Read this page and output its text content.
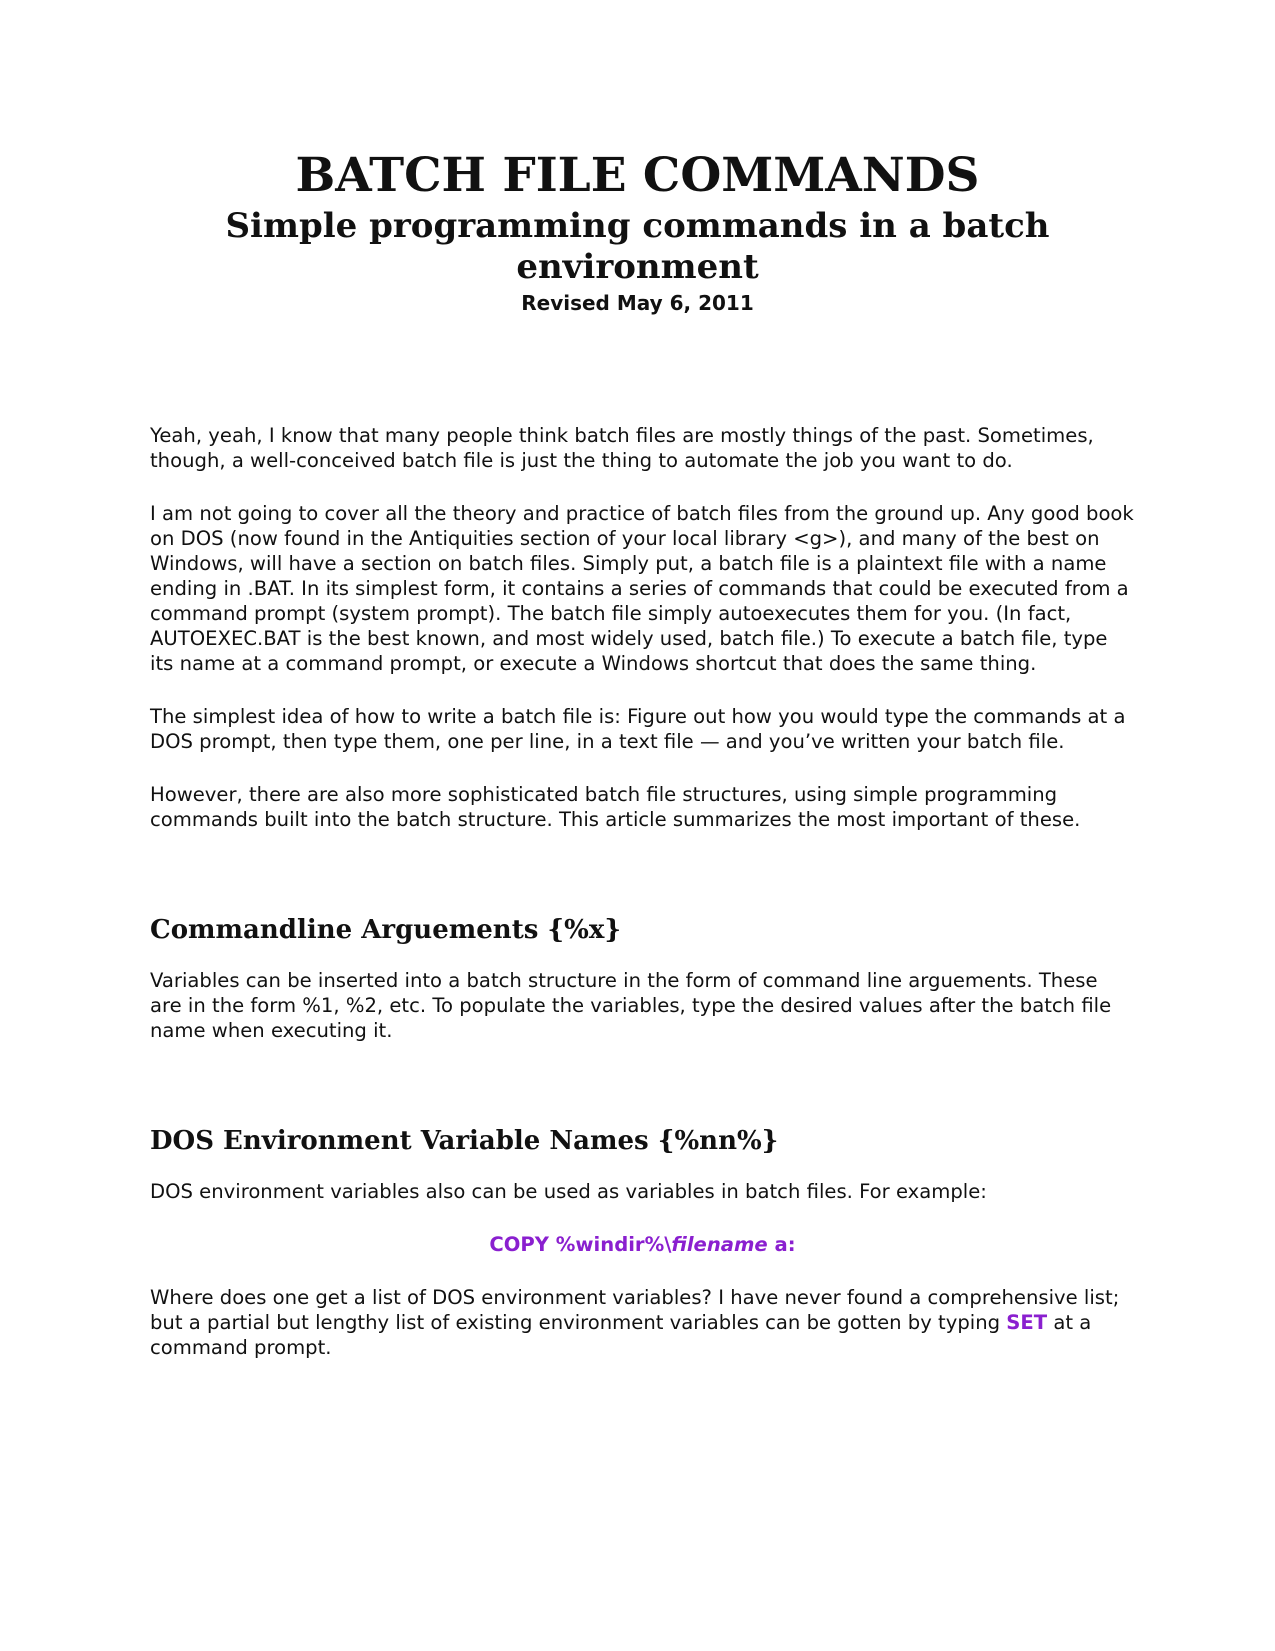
BATCH FILE COMMANDS
Simple programming commands in a batch environment
Revised May 6, 2011

Yeah, yeah, I know that many people think batch files are mostly things of the past. Sometimes, though, a well-conceived batch file is just the thing to automate the job you want to do.

I am not going to cover all the theory and practice of batch files from the ground up. Any good book on DOS (now found in the Antiquities section of your local library <g>), and many of the best on Windows, will have a section on batch files. Simply put, a batch file is a plaintext file with a name ending in .BAT. In its simplest form, it contains a series of commands that could be executed from a command prompt (system prompt). The batch file simply autoexecutes them for you. (In fact, AUTOEXEC.BAT is the best known, and most widely used, batch file.) To execute a batch file, type its name at a command prompt, or execute a Windows shortcut that does the same thing.

The simplest idea of how to write a batch file is: Figure out how you would type the commands at a DOS prompt, then type them, one per line, in a text file — and you’ve written your batch file.

However, there are also more sophisticated batch file structures, using simple programming commands built into the batch structure. This article summarizes the most important of these.

Commandline Arguements {%x}

Variables can be inserted into a batch structure in the form of command line arguements. These are in the form %1, %2, etc. To populate the variables, type the desired values after the batch file name when executing it.

DOS Environment Variable Names {%nn%}

DOS environment variables also can be used as variables in batch files. For example:

COPY %windir%\filename a:

Where does one get a list of DOS environment variables? I have never found a comprehensive list; but a partial but lengthy list of existing environment variables can be gotten by typing SET at a command prompt.
